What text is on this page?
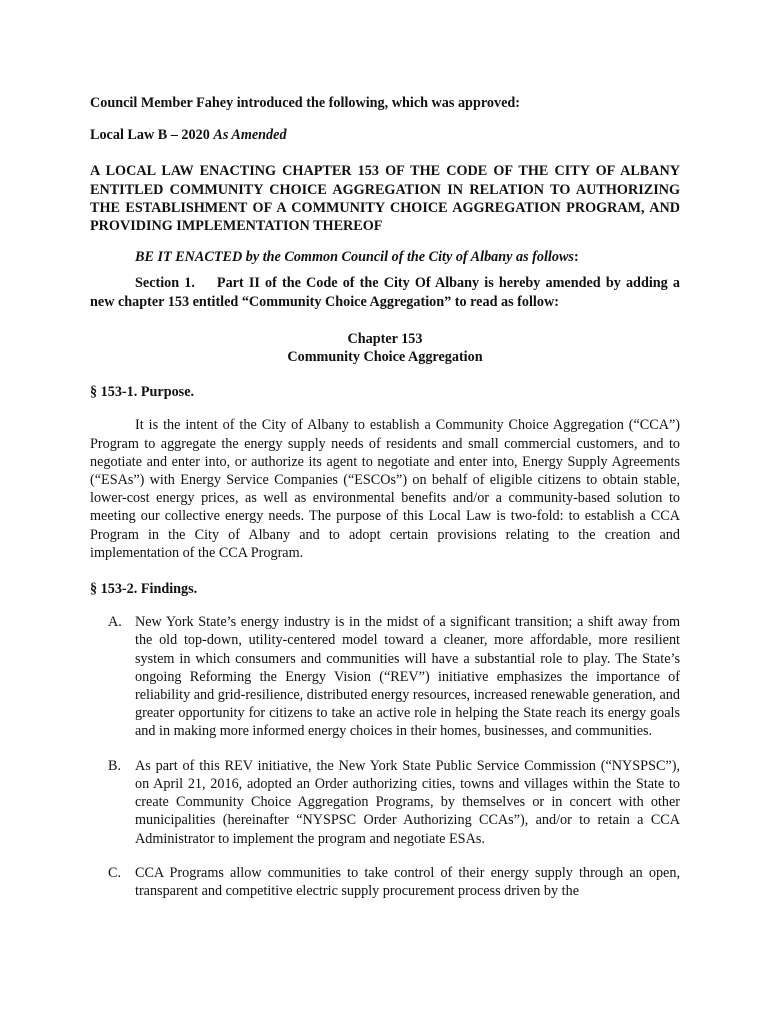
Council Member Fahey introduced the following, which was approved:

Local Law B – 2020 As Amended

A LOCAL LAW ENACTING CHAPTER 153 OF THE CODE OF THE CITY OF ALBANY ENTITLED COMMUNITY CHOICE AGGREGATION IN RELATION TO AUTHORIZING THE ESTABLISHMENT OF A COMMUNITY CHOICE AGGREGATION PROGRAM, AND PROVIDING IMPLEMENTATION THEREOF

BE IT ENACTED by the Common Council of the City of Albany as follows:

Section 1. Part II of the Code of the City Of Albany is hereby amended by adding a new chapter 153 entitled “Community Choice Aggregation” to read as follow:

Chapter 153
Community Choice Aggregation

§ 153-1. Purpose.

It is the intent of the City of Albany to establish a Community Choice Aggregation (“CCA”) Program to aggregate the energy supply needs of residents and small commercial customers, and to negotiate and enter into, or authorize its agent to negotiate and enter into, Energy Supply Agreements (“ESAs”) with Energy Service Companies (“ESCOs”) on behalf of eligible citizens to obtain stable, lower-cost energy prices, as well as environmental benefits and/or a community-based solution to meeting our collective energy needs. The purpose of this Local Law is two-fold: to establish a CCA Program in the City of Albany and to adopt certain provisions relating to the creation and implementation of the CCA Program.

§ 153-2. Findings.

A. New York State’s energy industry is in the midst of a significant transition; a shift away from the old top-down, utility-centered model toward a cleaner, more affordable, more resilient system in which consumers and communities will have a substantial role to play. The State’s ongoing Reforming the Energy Vision (“REV”) initiative emphasizes the importance of reliability and grid-resilience, distributed energy resources, increased renewable generation, and greater opportunity for citizens to take an active role in helping the State reach its energy goals and in making more informed energy choices in their homes, businesses, and communities.
B. As part of this REV initiative, the New York State Public Service Commission (“NYSPSC”), on April 21, 2016, adopted an Order authorizing cities, towns and villages within the State to create Community Choice Aggregation Programs, by themselves or in concert with other municipalities (hereinafter “NYSPSC Order Authorizing CCAs”), and/or to retain a CCA Administrator to implement the program and negotiate ESAs.
C. CCA Programs allow communities to take control of their energy supply through an open, transparent and competitive electric supply procurement process driven by the
